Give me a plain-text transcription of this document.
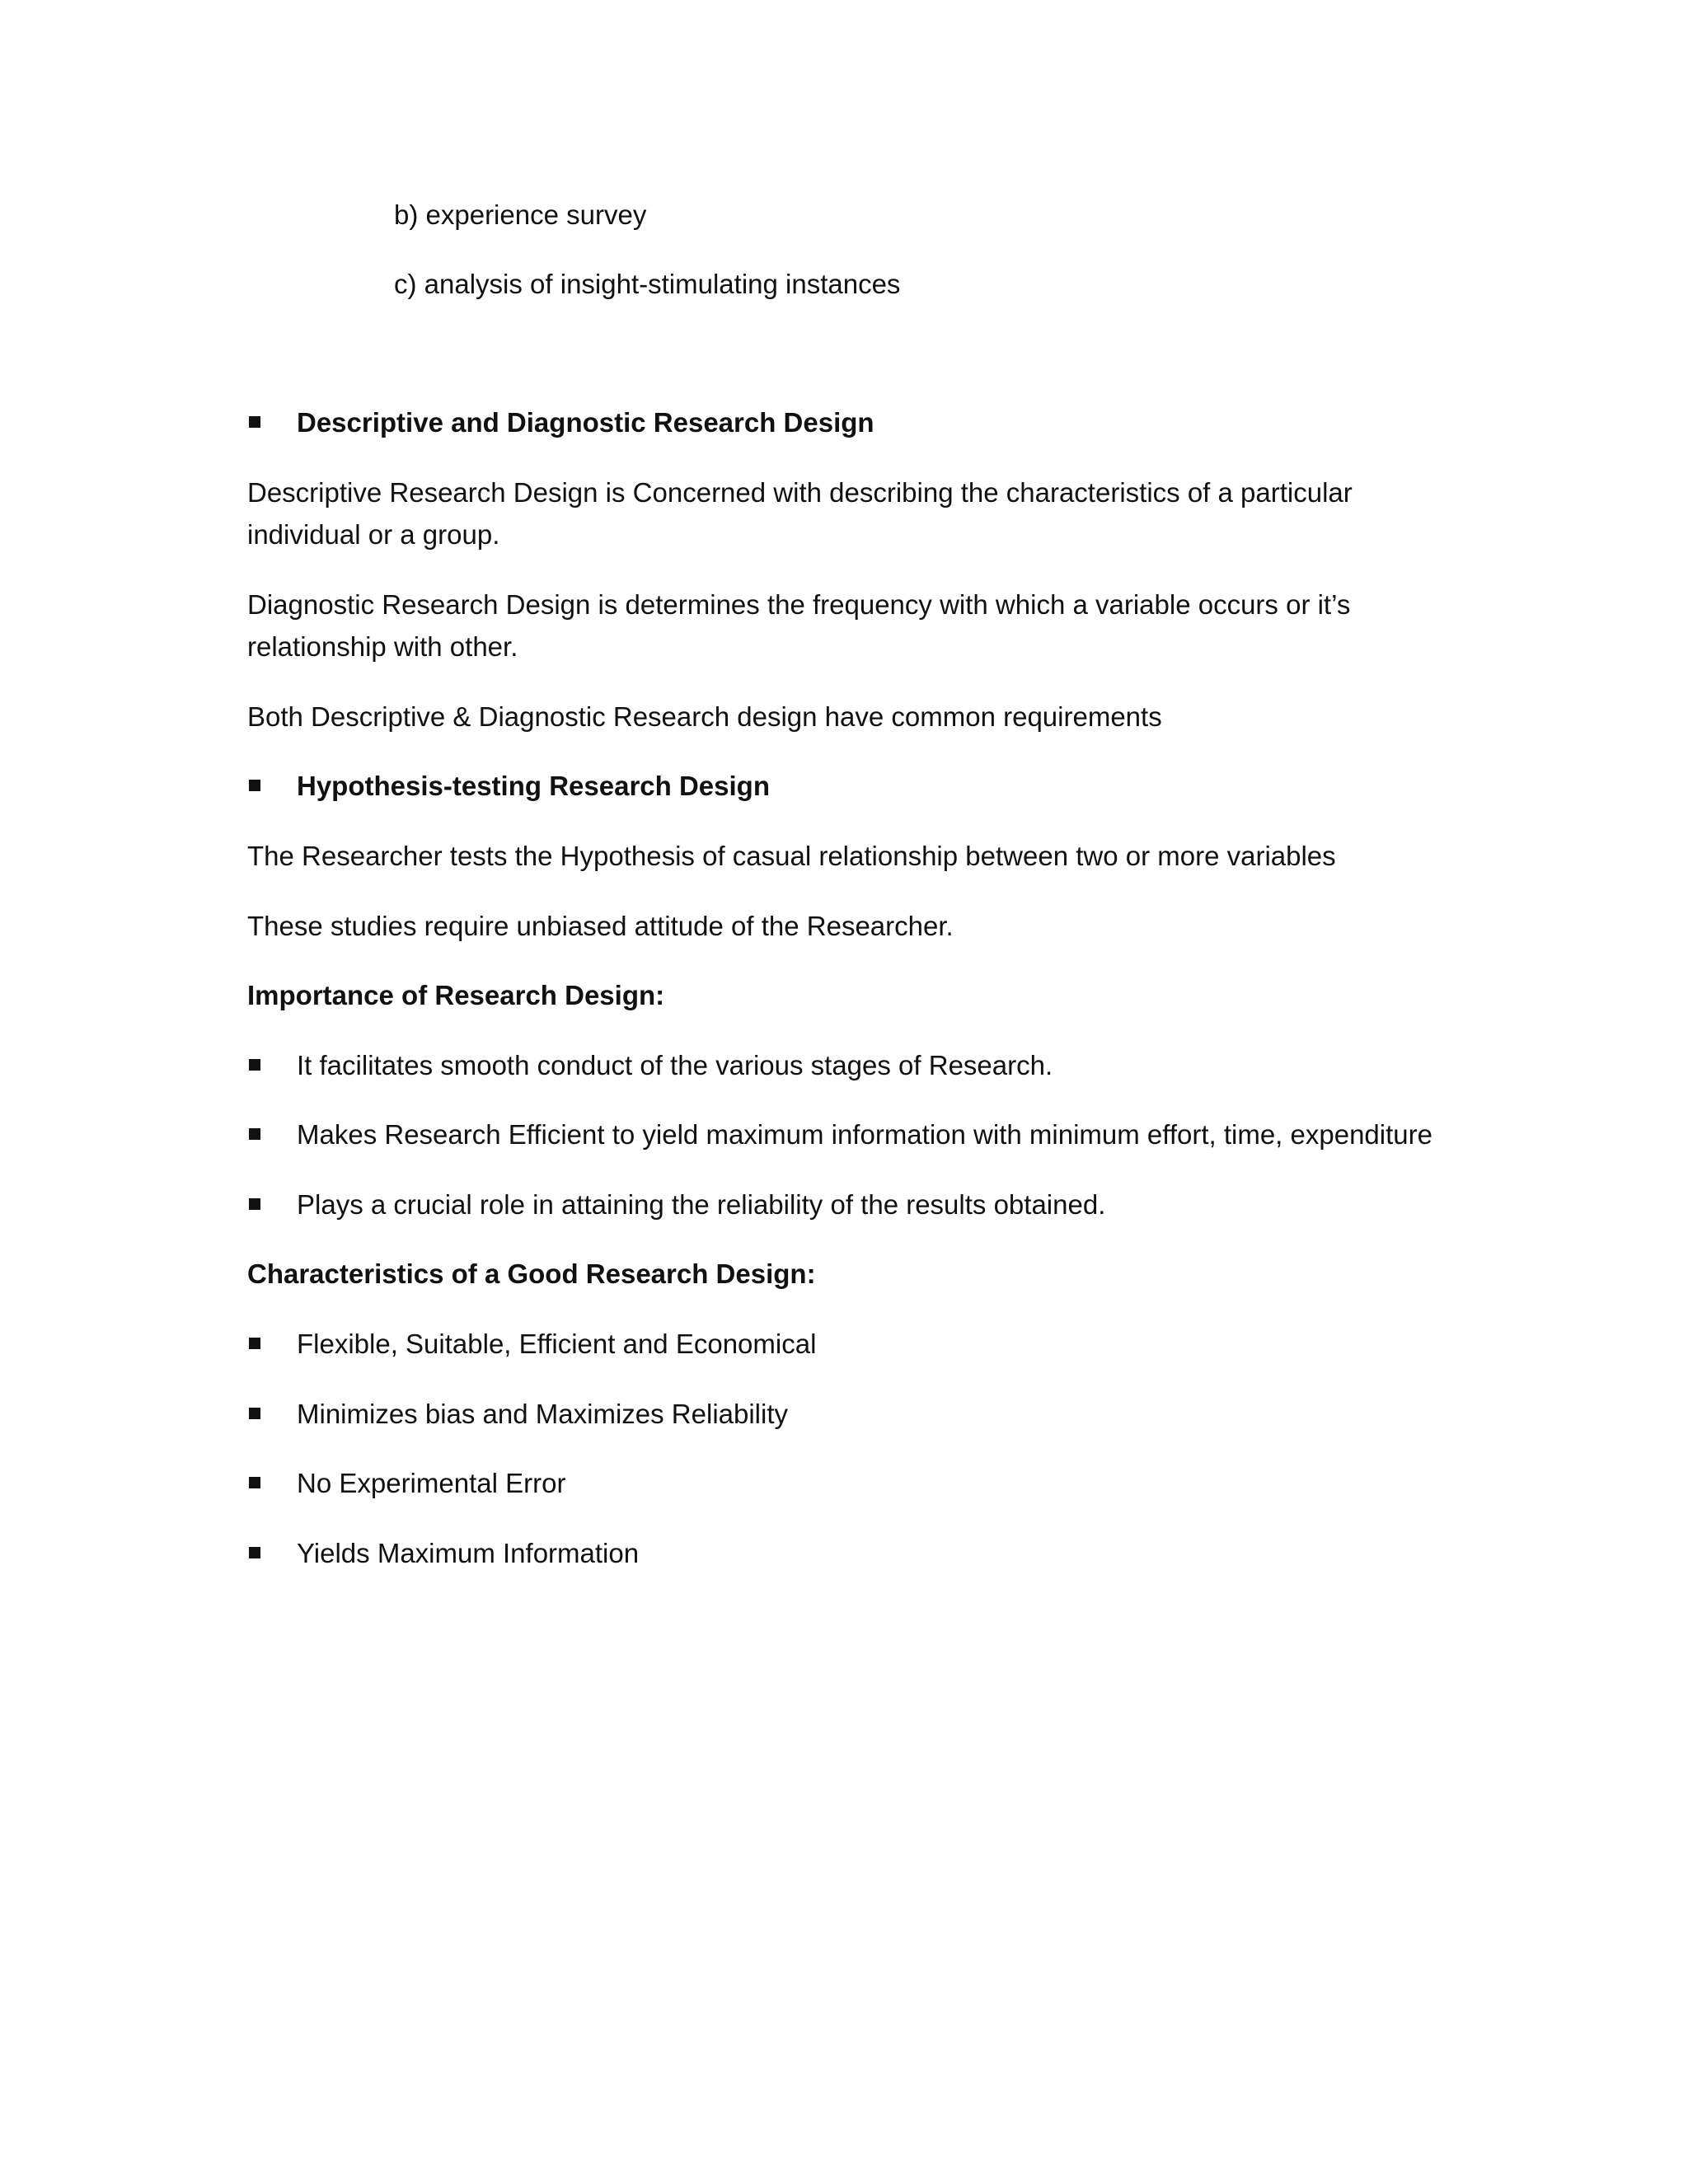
b) experience survey
c) analysis of insight-stimulating instances
Descriptive and Diagnostic Research Design
Descriptive Research Design is Concerned with describing the characteristics of a particular
individual or a group.
Diagnostic Research Design is determines the frequency with which a variable occurs or it’s
relationship with other.
Both Descriptive & Diagnostic Research design have common requirements
Hypothesis-testing Research Design
The Researcher tests the Hypothesis of casual relationship between two or more variables
These studies require unbiased attitude of the Researcher.
Importance of Research Design:
It facilitates smooth conduct of the various stages of Research.
Makes Research Efficient to yield maximum information with minimum effort, time, expenditure
Plays a crucial role in attaining the reliability of the results obtained.
Characteristics of a Good Research Design:
Flexible, Suitable, Efficient and Economical
Minimizes bias and Maximizes Reliability
No Experimental Error
Yields Maximum Information
